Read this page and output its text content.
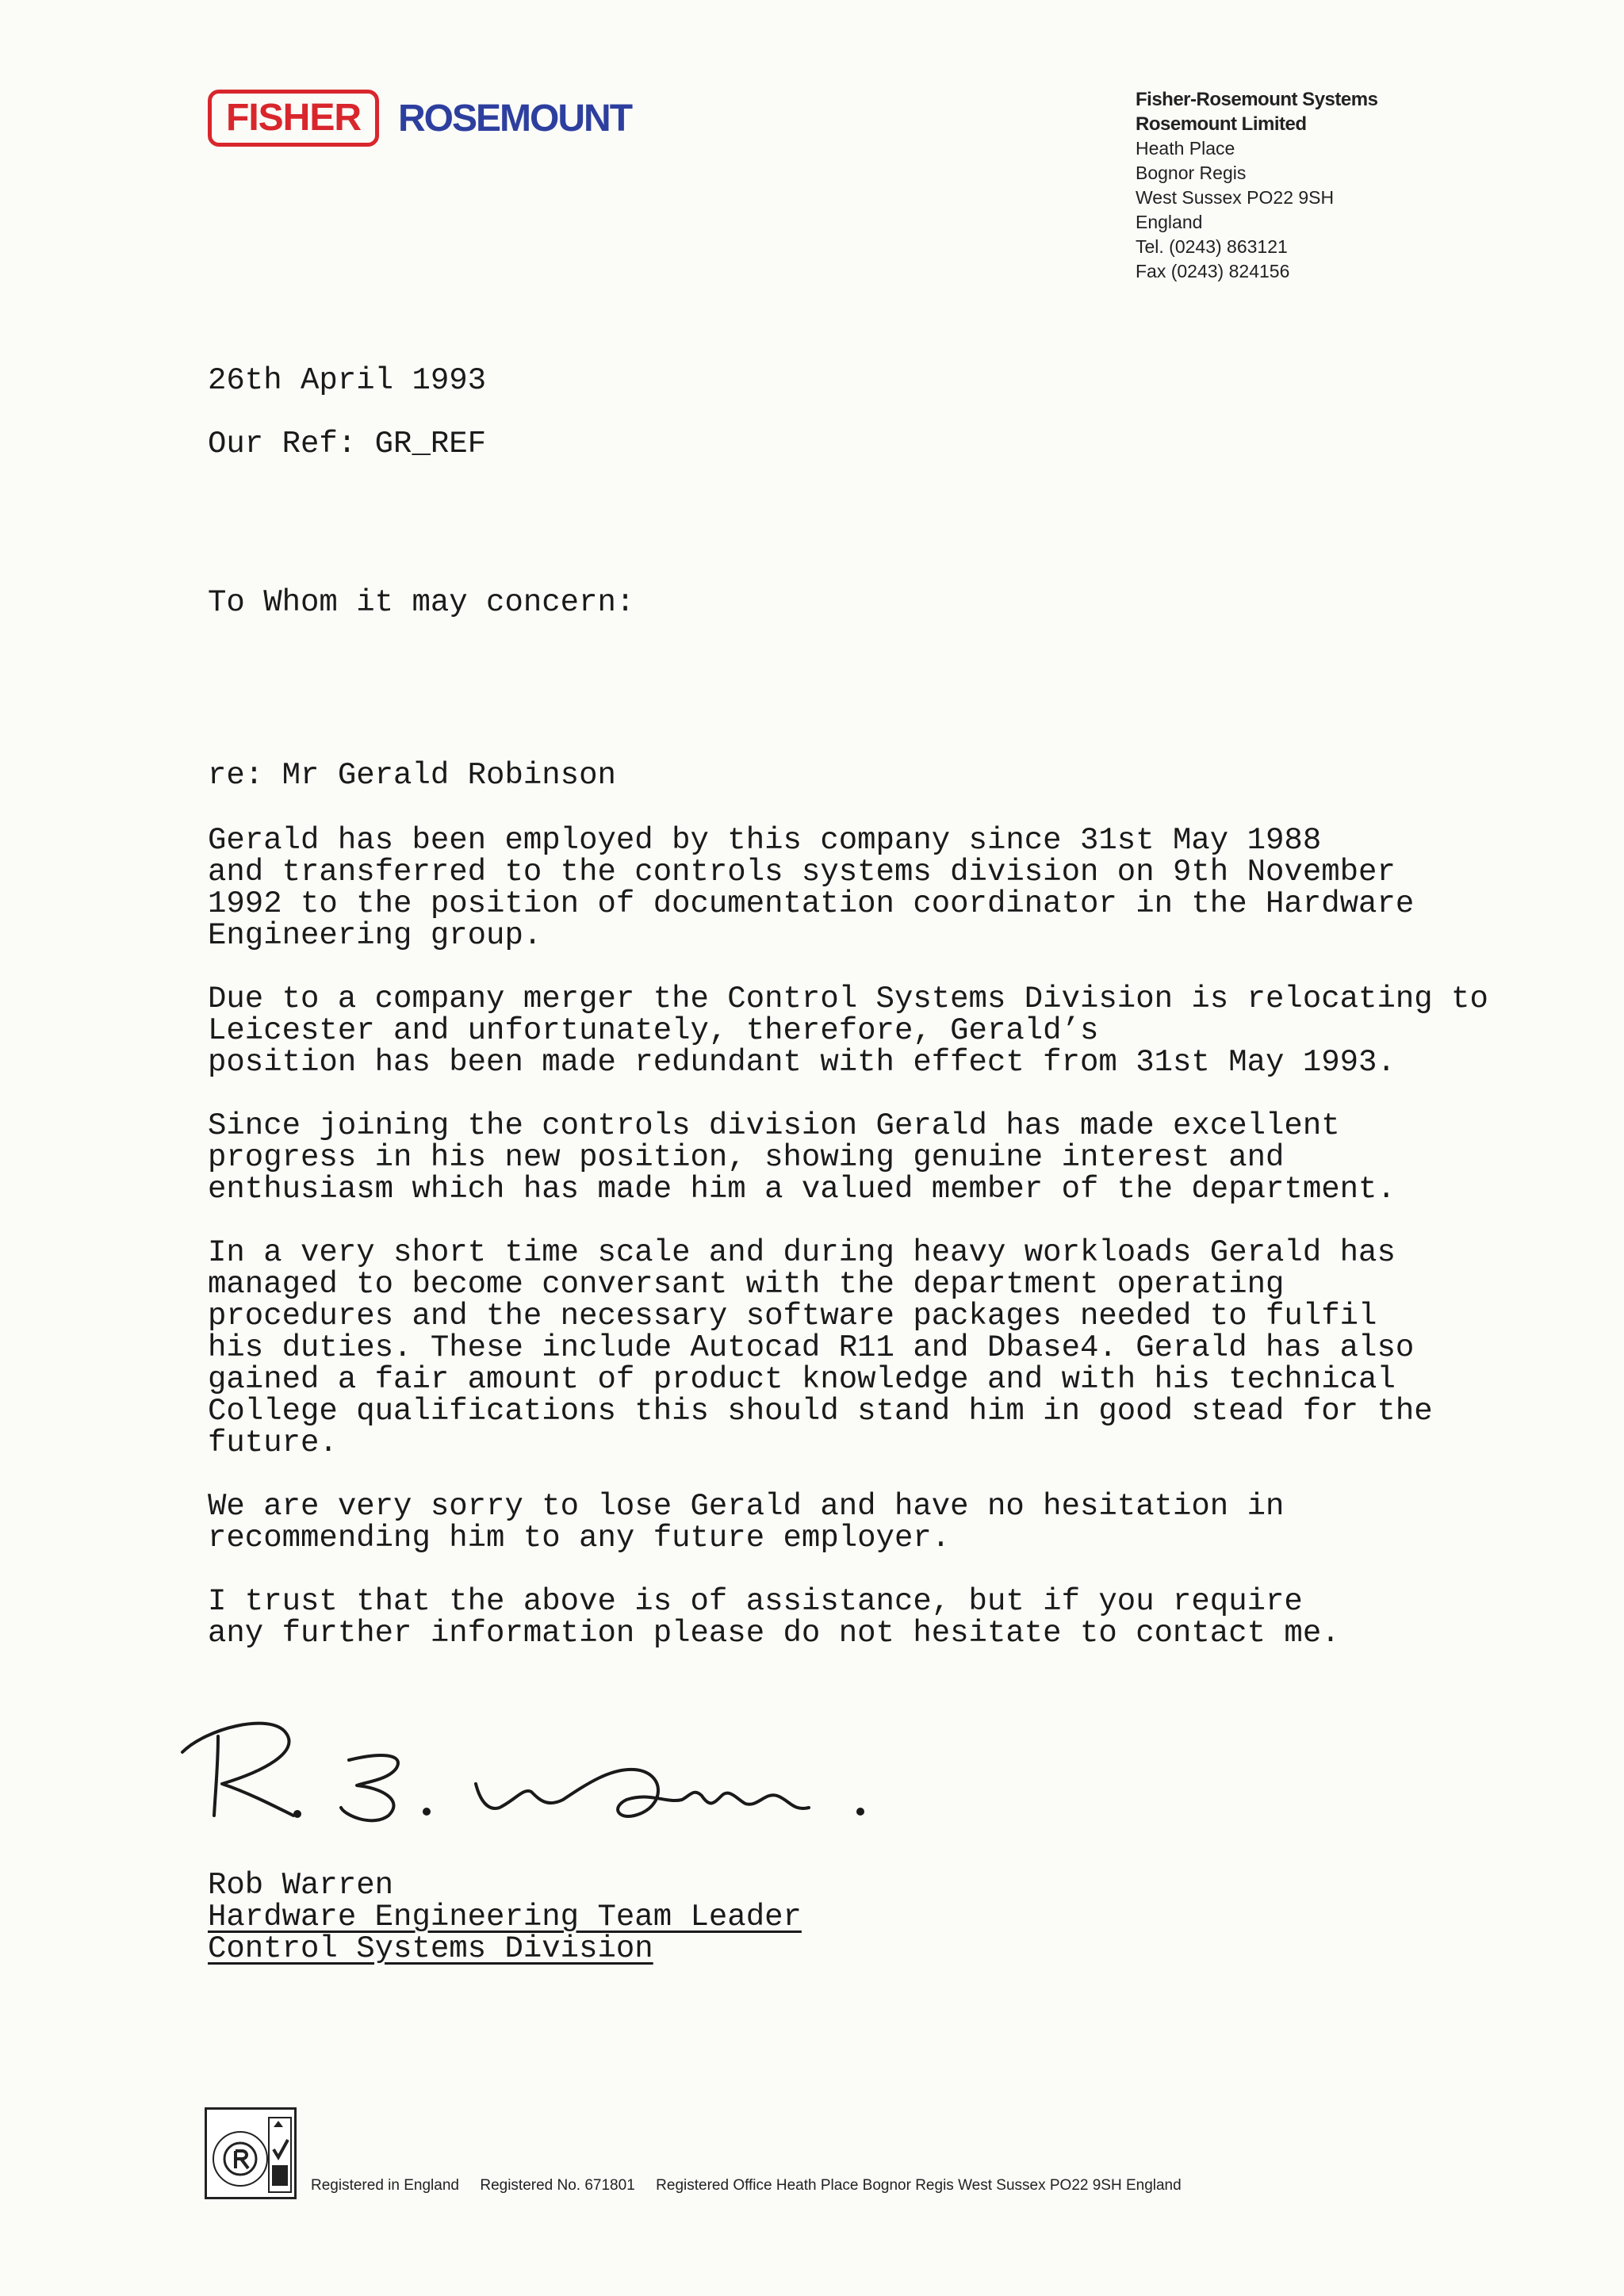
FISHER ROSEMOUNT	Fisher-Rosemount Systems
Rosemount Limited
Heath Place
Bognor Regis
West Sussex PO22 9SH
England
Tel. (0243) 863121
Fax (0243) 824156
26th April 1993
Our Ref: GR_REF
To Whom it may concern:
re: Mr Gerald Robinson
Gerald has been employed by this company since 31st May 1988
and transferred to the controls systems division on 9th November
1992 to the position of documentation coordinator in the Hardware
Engineering group.
Due to a company merger the Control Systems Division is relocating to
Leicester and unfortunately, therefore, Gerald’s
position has been made redundant with effect from 31st May 1993.
Since joining the controls division Gerald has made excellent
progress in his new position, showing genuine interest and
enthusiasm which has made him a valued member of the department.
In a very short time scale and during heavy workloads Gerald has
managed to become conversant with the department operating
procedures and the necessary software packages needed to fulfil
his duties. These include Autocad R11 and Dbase4. Gerald has also
gained a fair amount of product knowledge and with his technical
College qualifications this should stand him in good stead for the
future.
We are very sorry to lose Gerald and have no hesitation in
recommending him to any future employer.
I trust that the above is of assistance, but if you require
any further information please do not hesitate to contact me.
Rob Warren
Hardware Engineering Team Leader
Control Systems Division
Registered in England     Registered No. 671801     Registered Office Heath Place Bognor Regis West Sussex PO22 9SH England
